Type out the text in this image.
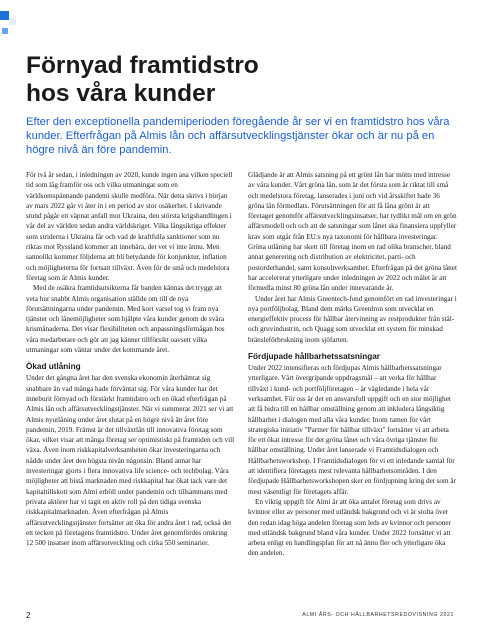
Förnyad framtidstro
hos våra kunder

Efter den exceptionella pandemiperioden föregående år ser vi en framtidstro hos våra kunder. Efterfrågan på Almis lån och affärsutvecklingstjänster ökar och är nu på en högre nivå än före pandemin.

För två år sedan, i inledningen av 2020, kunde ingen ana vilken speciell tid som låg framför oss och vilka utmaningar som en världsomspännande pandemi skulle medföra. När detta skrivs i början av mars 2022 går vi åter in i en period av stor osäkerhet. I skrivande stund pågår ett väpnat anfall mot Ukraina, den största krigshandlingen i vår del av världen sedan andra världskriget. Vilka långsiktiga effekter som striderna i Ukraina får och vad de kraftfulla sanktioner som nu riktas mot Ryssland kommer att innebära, det vet vi inte ännu. Men sannolikt kommer följderna att bli betydande för konjunktur, inflation och möjligheterna för fortsatt tillväxt. Även för de små och medelstora företag som är Almis kunder.

Med de osäkra framtidsutsikterna får banden kännas det tryggt att veta hur snabbt Almis organisation ställde om till de nya förutsättningarna under pandemin. Med kort varsel tog vi fram nya tjänster och lånemöjligheter som hjälpte våra kunder genom de svåra krismånaderna. Det visar flexibiliteten och anpassningsförmågan hos våra medarbetare och gör att jag känner tillförsikt oavsett vilka utmaningar som väntar under det kommande året.

Ökad utlåning

Under det gångna året har den svenska ekonomin återhämtat sig snabbare än vad många hade förväntat sig. För våra kunder har det inneburit förnyad och förstärkt framtidstro och en ökad efterfrågan på Almis lån och affärsutvecklingstjänster. När vi summerar 2021 ser vi att Almis nyutlåning under året slutat på en högre nivå än året före pandemin, 2019. Främst är det tillväxtlån till innovativa företag som ökar, vilket visar att många företag ser optimistiskt på framtiden och vill växa. Även inom riskkapitalverksamheten ökar investeringarna och nådde under året den högsta nivån någonsin. Bland annat har investeringar gjorts i flera innovativa life science- och techbolag. Våra möjligheter att bistå marknaden med riskkapital har ökat tack vare det kapitaltillskott som Almi erhöll under pandemin och tillsammans med privata aktörer har vi tagit en aktiv roll på den tidiga svenska riskkapitalmarknaden. Även efterfrågan på Almis affärsutvecklingstjänster fortsätter att öka för andra året i rad, också det ett tecken på företagens framtidstro. Under året genomfördes omkring 12 500 insatser inom affärsutveckling och cirka 550 seminarier.

Glädjande är att Almis satsning på ett grönt lån har mötts med intresse av våra kunder. Vårt gröna lån, som är det första som är riktat till små och medelstora företag, lanserades i juni och vid årsskiftet hade 36 gröna lån förmedlats. Förutsättningen för att få låna grönt är att företaget genomför affärsutvecklingsinsatser, har tydlikt mål om en grön affärsmodell och och att de satsningar som lånet ska finansiera uppfyller krav som utgår från EU:s nya taxonomi för hållbara investeringar. Gröna utlåning har skett till företag inom en rad olika branscher, bland annat generering och distribution av elektricitet, parti- och postorderhandel, samt konsultverksamhet. Efterfrågan på det gröna lånet har accelererat ytterligare under inledningen av 2022 och målet är att förmedla minst 80 gröna lån under innevarande år.

Under året har Almis Greentech-fond genomfört en rad investeringar i nya portföljbolag. Bland dem märks Greenlron som utvecklat en energieffektiv process för hållbar återvinning av restprodukter från stål- och gruvindustrin, och Quagg som utvecklat ett system för minskad bränsleförbrukning inom sjöfarten.

Fördjupade hållbarhetssatsningar

Under 2022 intensifieras och fördjupas Almis hållbarhetssatsningar ytterligare. Vårt övergripande uppdragsmål – att verka för hållbar tillväxt i kund- och portföljföretagen – är vägledande i hela vår verksamhet. För oss är det en ansvarsfull uppgift och en stor möjlighet att få bidra till en hållbar omställning genom att inkludera långsiktig hållbarhet i dialogen med alla våra kunder. Inom ramen för vårt strategiska initiativ "Partner för hållbar tillväxt" fortsätter vi att arbeta för ett ökat intresse för det gröna lånet och våra övriga tjänster för hållbar omställning. Under året lanserade vi Framtidsdialogen och Hållbarhetsworkshop. I Framtidsdialogen för vi ett inledande samtal för att identifiera företagets mest relevanta hållbarhetsområden. I den fördjupade Hållbarhetsworkshopen sker en fördjupning kring det som är mest väsentligt för företagets affär.

En viktig uppgift för Almi är att öka antalet företag som drivs av kvinnor eller av personer med utländsk bakgrund och vi är stolta över den redan idag höga andelen företag som leds av kvinnor och personer med utländsk bakgrund bland våra kunder. Under 2022 fortsätter vi att arbeta enligt en handlingsplan för att nå ännu fler och ytterligare öka den andelen.

2	ALMI ÅRS- OCH HÅLLBARHETSREDOVISNING 2021
